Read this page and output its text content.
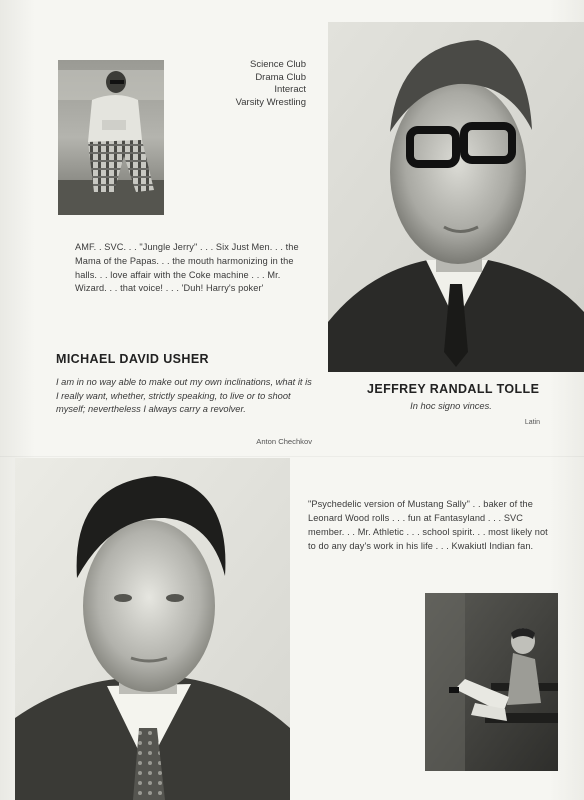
Science Club
Drama Club
Interact
Varsity Wrestling
AMF. . SVC. . . "Jungle Jerry" . . . Six Just Men. . . the Mama of the Papas. . . the mouth harmonizing in the halls. . . love affair with the Coke machine . . . Mr. Wizard. . . that voice! . . . 'Duh! Harry's poker'
MICHAEL DAVID USHER
I am in no way able to make out my own inclinations, what it is I really want, whether, strictly speaking, to live or to shoot myself; nevertheless I always carry a revolver.
Anton Chechkov
JEFFREY RANDALL TOLLE
In hoc signo vinces.
Latin
"Psychedelic version of Mustang Sally" . . baker of the Leonard Wood rolls . . . fun at Fantasyland . . . SVC member. . . Mr. Athletic . . . school spirit. . . most likely not to do any day's work in his life . . . Kwakiutl Indian fan.
